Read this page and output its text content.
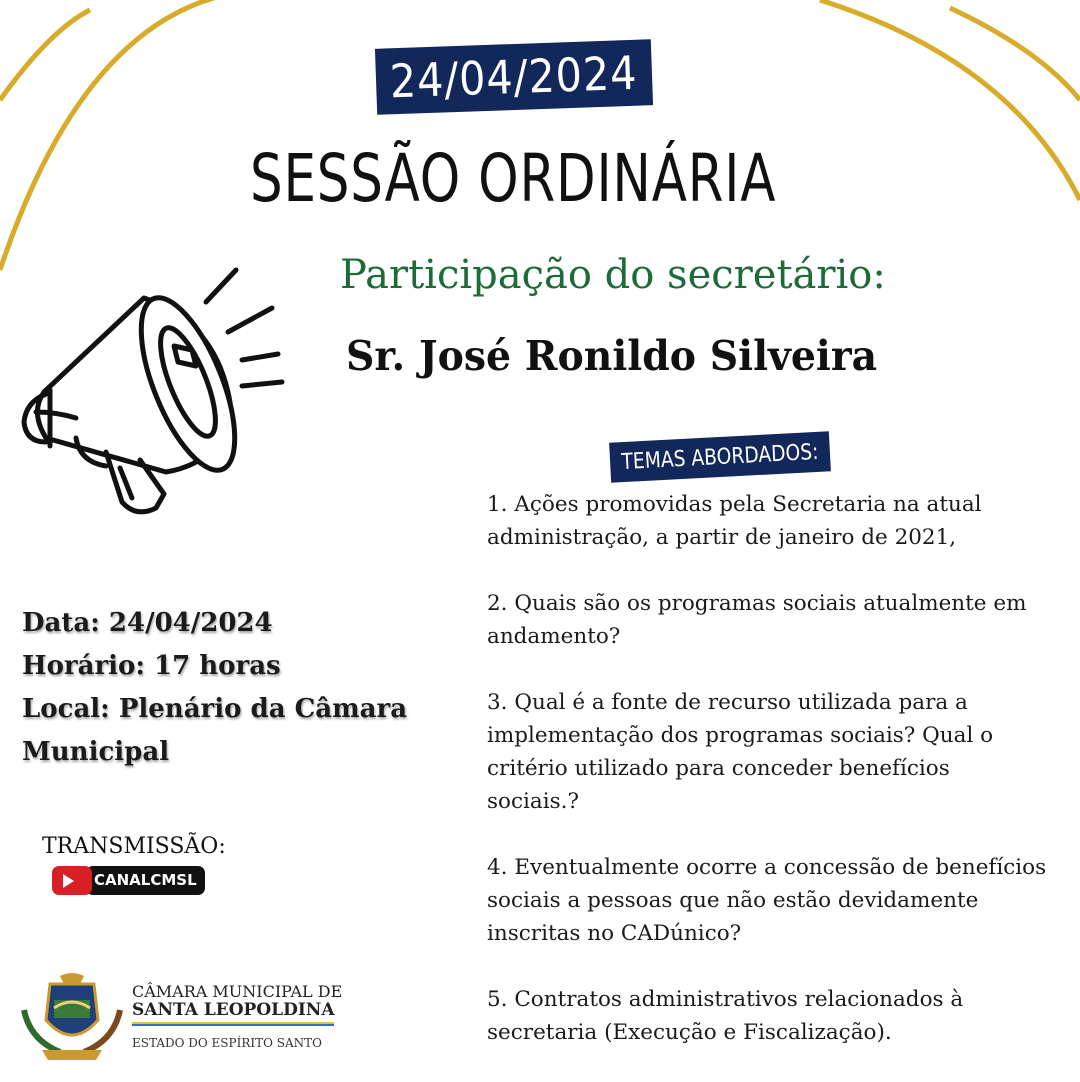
24/04/2024
SESSÃO ORDINÁRIA
Participação do secretário:
Sr. José Ronildo Silveira
TEMAS ABORDADOS:

1. Ações promovidas pela Secretaria na atual administração, a partir de janeiro de 2021,

2. Quais são os programas sociais atualmente em andamento?

3. Qual é a fonte de recurso utilizada para a implementação dos programas sociais? Qual o critério utilizado para conceder benefícios sociais.?

4. Eventualmente ocorre a concessão de benefícios sociais a pessoas que não estão devidamente inscritas no CADúnico?

5. Contratos administrativos relacionados à secretaria (Execução e Fiscalização).

Data: 24/04/2024
Horário: 17 horas
Local: Plenário da Câmara
Municipal
TRANSMISSÃO:
CANALCMSL
CÂMARA MUNICIPAL DE
SANTA LEOPOLDINA
ESTADO DO ESPÍRITO SANTO
